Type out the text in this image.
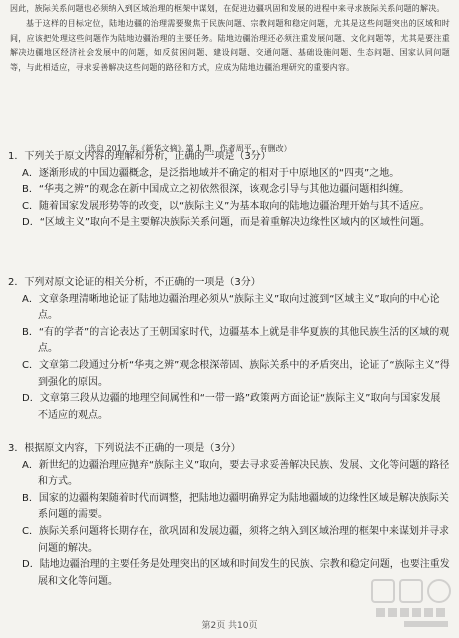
因此，族际关系问题也必须纳入到区域治理的框架中谋划，在促进边疆巩固和发展的进程中来寻求族际关系问题的解决。

基于这样的目标定位，陆地边疆的治理需要聚焦于民族问题、宗教问题和稳定问题，尤其是这些问题突出的区域和时间，应该把处理这些问题作为陆地边疆治理的主要任务。陆地边疆治理还必须注重发展问题、文化问题等，尤其是要注重解决边疆地区经济社会发展中的问题，如反贫困问题、建设问题、交通问题、基础设施问题、生态问题、国家认同问题等，与此相适应，寻求妥善解决这些问题的路径和方式，应成为陆地边疆治理研究的重要内容。

（选自 2017 年《新华文摘》第 1 期，作者周平，有删改）

1．下列关于原文内容的理解和分析，正确的一项是（3分）

A．逐渐形成的中国边疆概念，是泛指地域并不确定的相对于中原地区的“四夷”之地。

B．“华夷之辨”的观念在新中国成立之初依然很深，该观念引导与其他边疆问题相纠缠。

C．随着国家发展形势等的改变，以“族际主义”为基本取向的陆地边疆治理开始与其不适应。

D．“区域主义”取向不是主要解决族际关系问题，而是着重解决边缘性区域内的区域性问题。

2．下列对原文论证的相关分析，不正确的一项是（3分）

A．文章条理清晰地论证了陆地边疆治理必须从“族际主义”取向过渡到“区域主义”取向的中心论点。

B．“有的学者”的言论表达了王朝国家时代，边疆基本上就是非华夏族的其他民族生活的区域的观点。

C．文章第二段通过分析“华夷之辨”观念根深蒂固、族际关系中的矛盾突出，论证了“族际主义”得到强化的原因。

D．文章第三段从边疆的地理空间属性和“一带一路”政策两方面论证“族际主义”取向与国家发展不适应的观点。

3．根据原文内容，下列说法不正确的一项是（3分）

A．新世纪的边疆治理应抛弃“族际主义”取向，要去寻求妥善解决民族、发展、文化等问题的路径和方式。

B．国家的边疆构架随着时代而调整，把陆地边疆明确界定为陆地疆域的边缘性区域是解决族际关系问题的需要。

C．族际关系问题将长期存在，欲巩固和发展边疆，须将之纳入到区域治理的框架中来谋划并寻求问题的解决。

D．陆地边疆治理的主要任务是处理突出的区域和时间发生的民族、宗教和稳定问题，也要注重发展和文化等问题。

第2页 共10页
